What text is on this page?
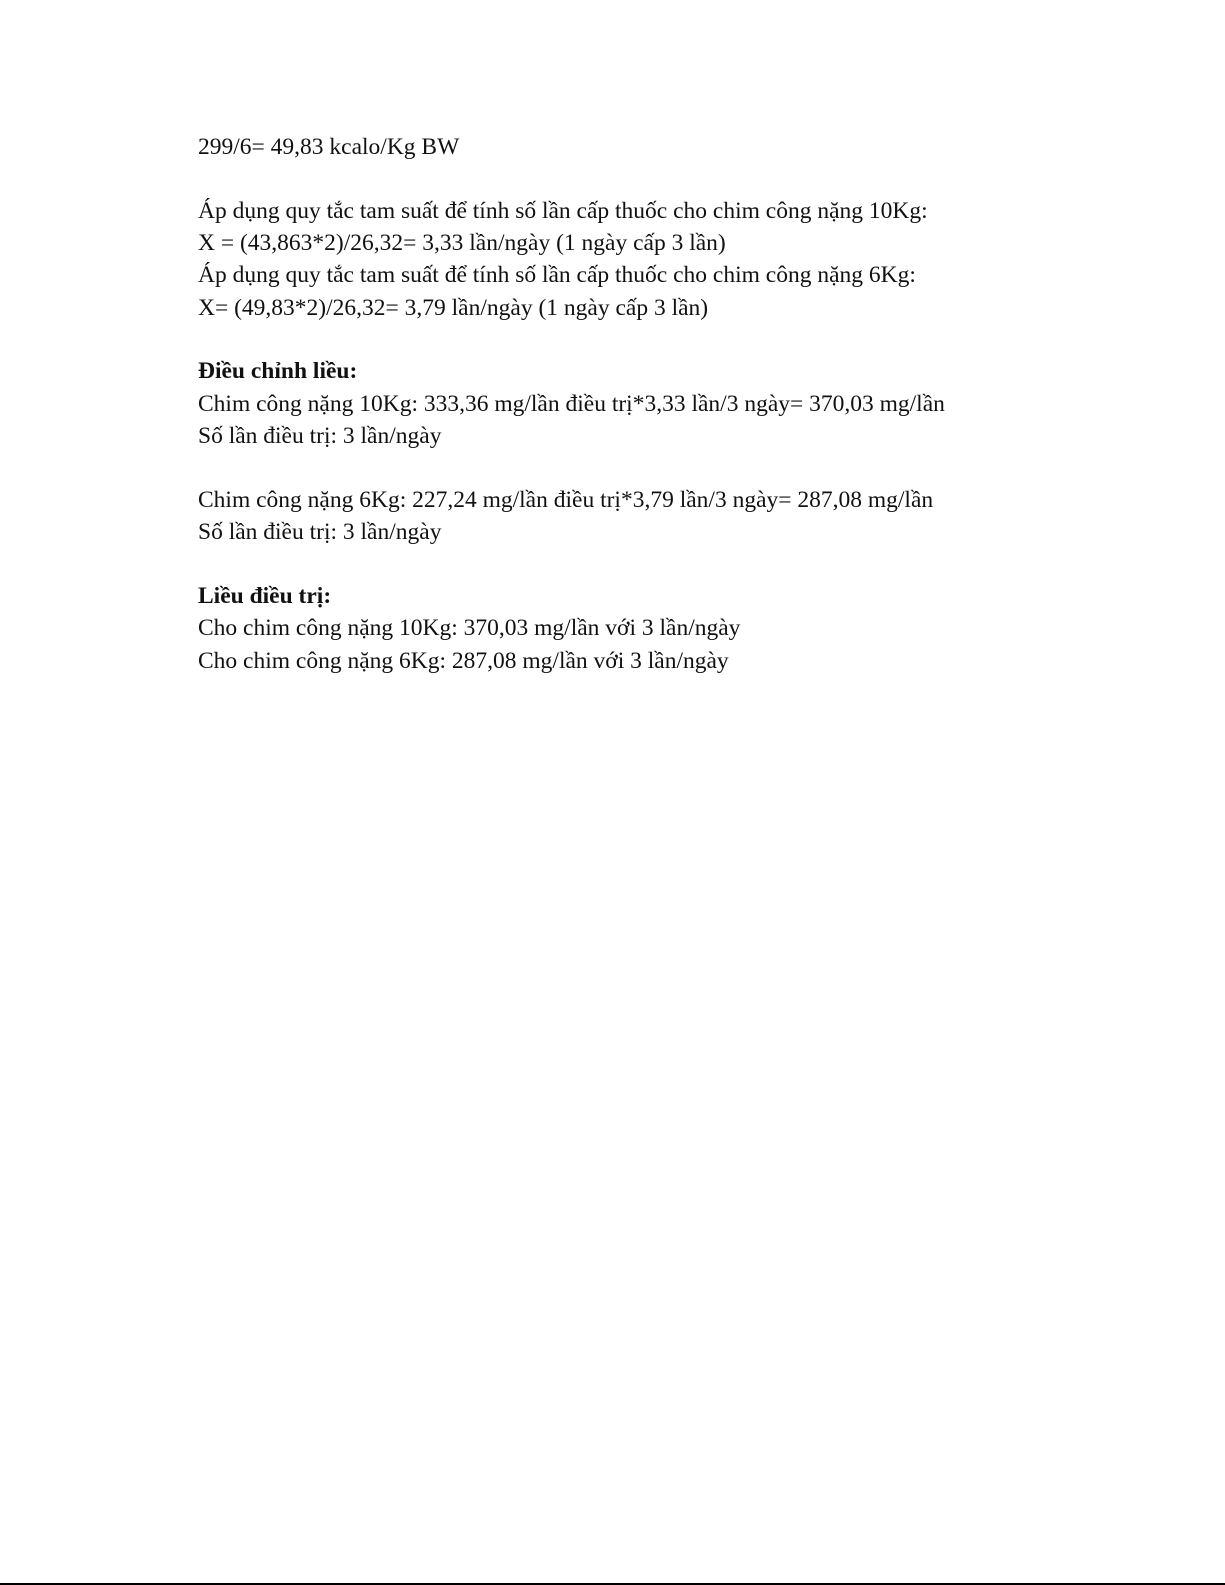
299/6= 49,83 kcalo/Kg BW
Áp dụng quy tắc tam suất để tính số lần cấp thuốc cho chim công nặng 10Kg:
X = (43,863*2)/26,32= 3,33 lần/ngày (1 ngày cấp 3 lần)
Áp dụng quy tắc tam suất để tính số lần cấp thuốc cho chim công nặng 6Kg:
X= (49,83*2)/26,32= 3,79 lần/ngày (1 ngày cấp 3 lần)
Điều chỉnh liều:
Chim công nặng 10Kg: 333,36 mg/lần điều trị*3,33 lần/3 ngày= 370,03 mg/lần
Số lần điều trị: 3 lần/ngày
Chim công nặng 6Kg: 227,24 mg/lần điều trị*3,79 lần/3 ngày= 287,08 mg/lần
Số lần điều trị: 3 lần/ngày
Liều điều trị:
Cho chim công nặng 10Kg: 370,03 mg/lần với 3 lần/ngày
Cho chim công nặng 6Kg: 287,08 mg/lần với 3 lần/ngày
